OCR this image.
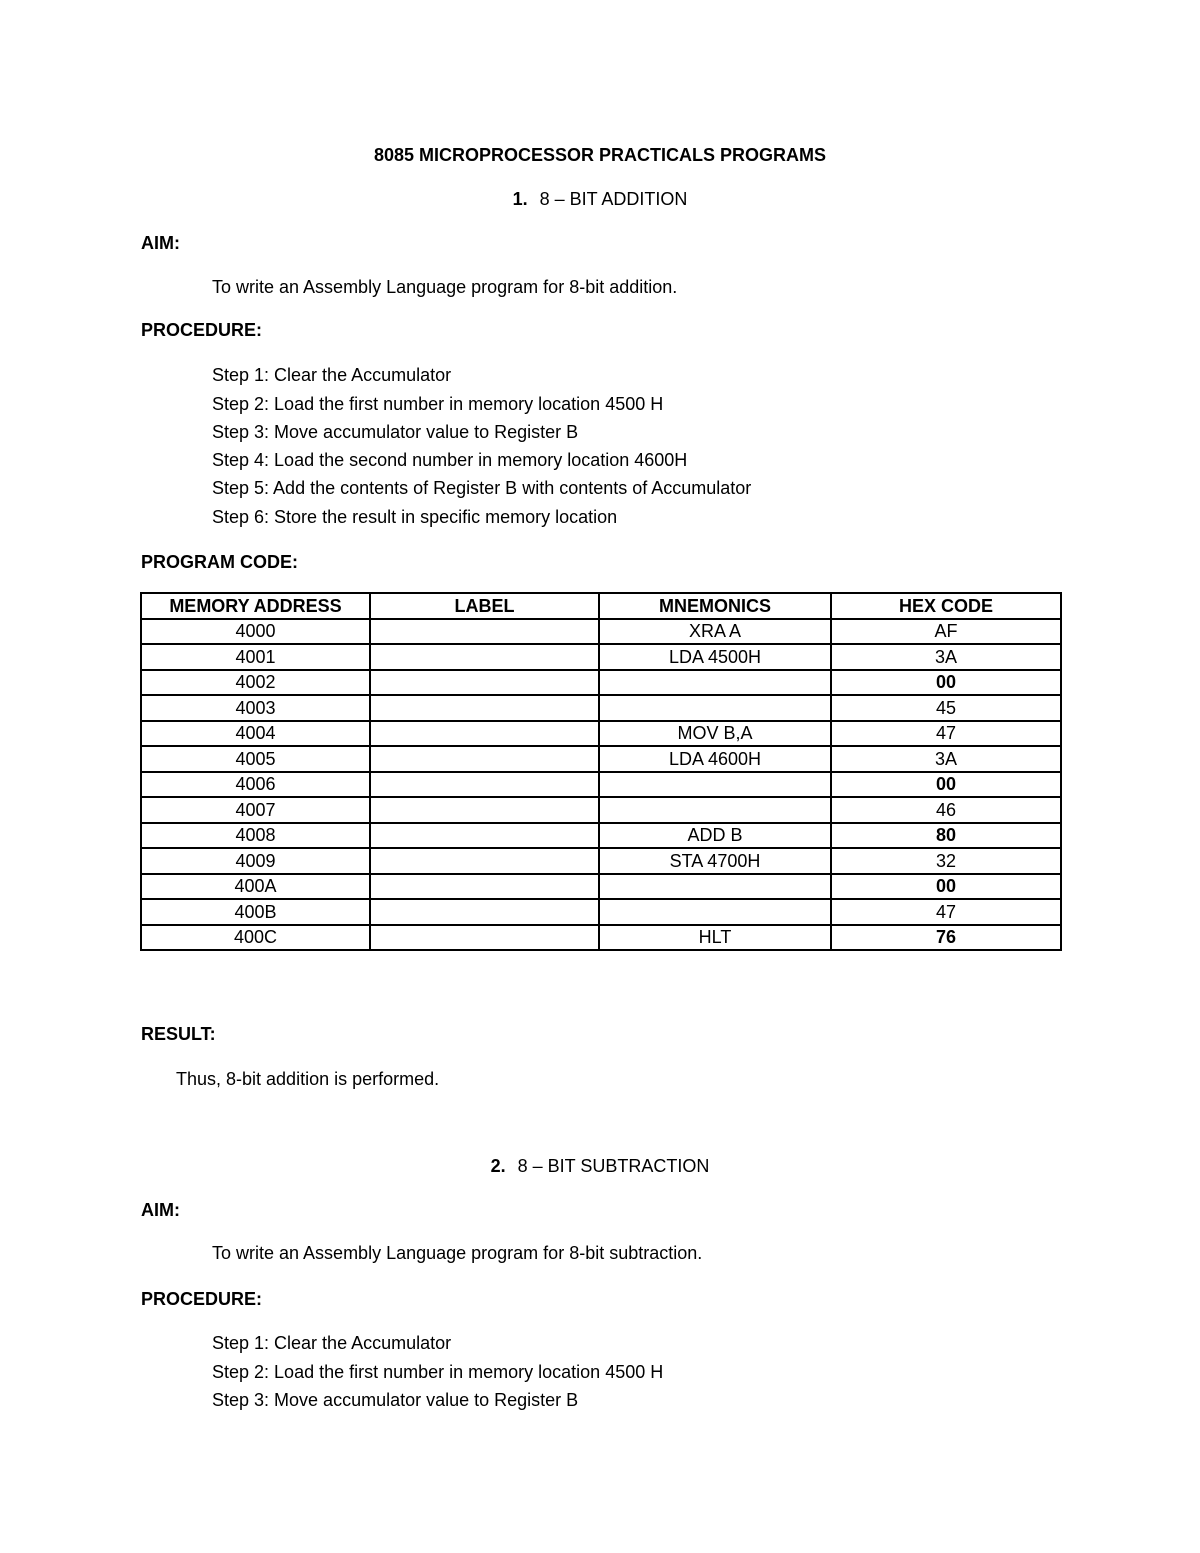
8085 MICROPROCESSOR PRACTICALS PROGRAMS
1. 8 – BIT ADDITION
AIM:
To write an Assembly Language program for 8-bit addition.
PROCEDURE:
Step 1: Clear the Accumulator
Step 2: Load the first number in memory location 4500 H
Step 3: Move accumulator value to Register B
Step 4: Load the second number in memory location 4600H
Step 5: Add the contents of Register B with contents of Accumulator
Step 6: Store the result in specific memory location
PROGRAM CODE:
MEMORY ADDRESS	LABEL	MNEMONICS	HEX CODE
4000		XRA A	AF
4001		LDA 4500H	3A
4002			00
4003			45
4004		MOV B,A	47
4005		LDA 4600H	3A
4006			00
4007			46
4008		ADD B	80
4009		STA 4700H	32
400A			00
400B			47
400C		HLT	76
RESULT:
Thus, 8-bit addition is performed.
2. 8 – BIT SUBTRACTION
AIM:
To write an Assembly Language program for 8-bit subtraction.
PROCEDURE:
Step 1: Clear the Accumulator
Step 2: Load the first number in memory location 4500 H
Step 3: Move accumulator value to Register B
